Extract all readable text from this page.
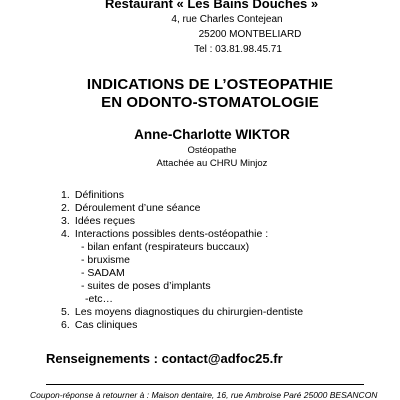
Restaurant « Les Bains Douches »
4, rue Charles Contejean
25200 MONTBELIARD
Tel : 03.81.98.45.71
INDICATIONS DE L’OSTEOPATHIE
EN ODONTO-STOMATOLOGIE
Anne-Charlotte WIKTOR
Ostéopathe
Attachée au CHRU Minjoz
1. Définitions
2. Déroulement d’une séance
3. Idées reçues
4. Interactions possibles dents-ostéopathie :
- bilan enfant (respirateurs buccaux)
- bruxisme
- SADAM
- suites de poses d’implants
-etc…
5. Les moyens diagnostiques du chirurgien-dentiste
6. Cas cliniques
Renseignements : contact@adfoc25.fr
Coupon-réponse à retourner à : Maison dentaire, 16, rue Ambroise Paré 25000 BESANCON
